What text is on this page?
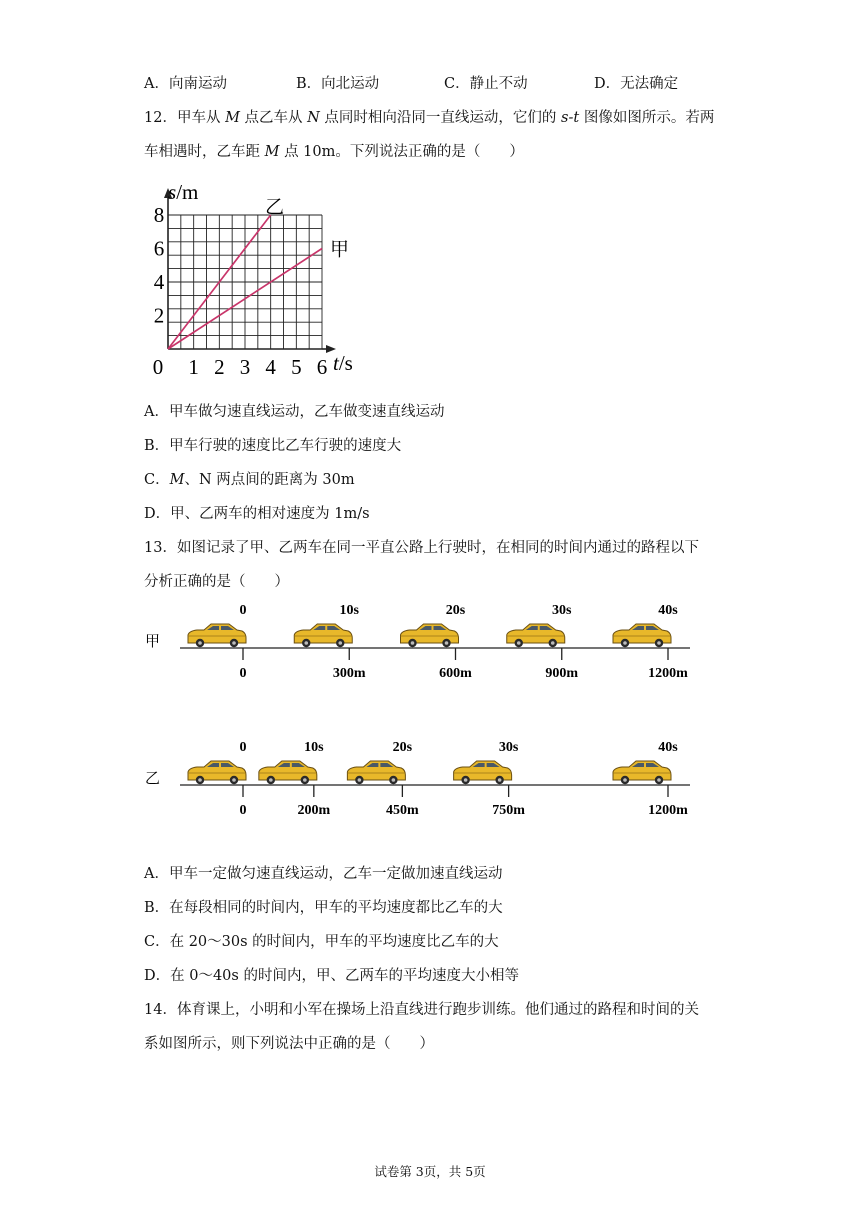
A．向南运动	B．向北运动	C．静止不动	D．无法确定
12．甲车从 M 点乙车从 N 点同时相向沿同一直线运动，它们的 s-t 图像如图所示。若两
车相遇时，乙车距 M 点 10m。下列说法正确的是（　　）
乙
甲
0 1 2 3 4 5 6
2
4
6
8
s/m
t/s
A．甲车做匀速直线运动，乙车做变速直线运动
B．甲车行驶的速度比乙车行驶的速度大
C．M、N 两点间的距离为 30m
D．甲、乙两车的相对速度为 1m/s
13．如图记录了甲、乙两车在同一平直公路上行驶时，在相同的时间内通过的路程以下
分析正确的是（　　）
甲
0
0
300m
10s
600m
20s
900m
30s
1200m
40s
乙
0
0
200m
10s
450m
20s
750m
30s
1200m
40s
A．甲车一定做匀速直线运动，乙车一定做加速直线运动
B．在每段相同的时间内，甲车的平均速度都比乙车的大
C．在 20～30s 的时间内，甲车的平均速度比乙车的大
D．在 0～40s 的时间内，甲、乙两车的平均速度大小相等
14．体育课上，小明和小军在操场上沿直线进行跑步训练。他们通过的路程和时间的关
系如图所示，则下列说法中正确的是（　　）
试卷第 3页，共 5页
